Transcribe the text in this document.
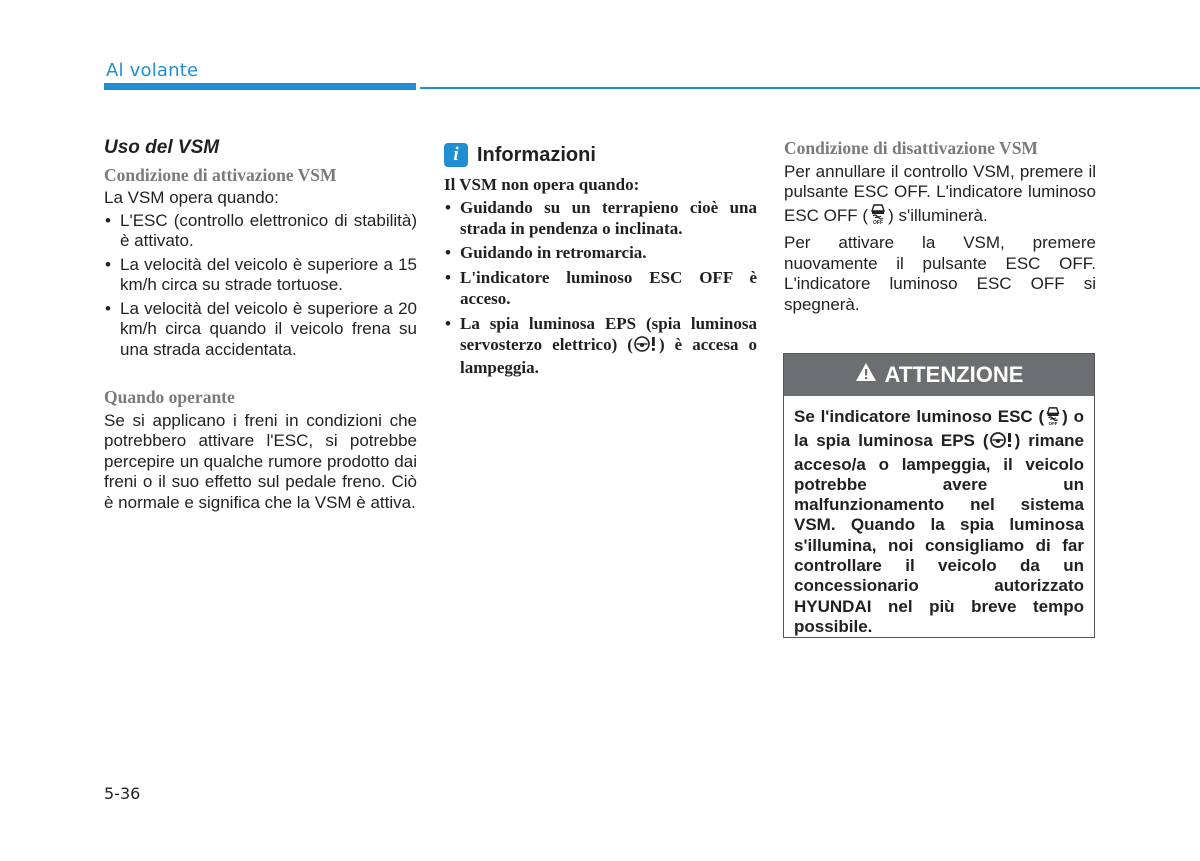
Al volante
Uso del VSM
Condizione di attivazione VSM

La VSM opera quando:

• L'ESC (controllo elettronico di stabilità) è attivato.
• La velocità del veicolo è superiore a 15 km/h circa su strade tortuose.
• La velocità del veicolo è superiore a 20 km/h circa quando il veicolo frena su una strada accidentata.
Quando operante

Se si applicano i freni in condizioni che potrebbero attivare l'ESC, si potrebbe percepire un qualche rumore prodotto dai freni o il suo effetto sul pedale freno. Ciò è normale e significa che la VSM è attiva.

i Informazioni

Il VSM non opera quando:

• Guidando su un terrapieno cioè una strada in pendenza o inclinata.
• Guidando in retromarcia.
• L'indicatore luminoso ESC OFF è acceso.
• La spia luminosa EPS (spia luminosa servosterzo elettrico) ( ) è accesa o lampeggia.
Condizione di disattivazione VSM

Per annullare il controllo VSM, premere il pulsante ESC OFF. L'indicatore luminoso ESC OFF ( OFF ) s'illuminerà.

Per attivare la VSM, premere nuovamente il pulsante ESC OFF. L'indicatore luminoso ESC OFF si spegnerà.

ATTENZIONE
Se l'indicatore luminoso ESC ( OFF ) o la spia luminosa EPS ( ) rimane acceso/a o lampeggia, il veicolo potrebbe avere un malfunzionamento nel sistema VSM. Quando la spia luminosa s'illumina, noi consigliamo di far controllare il veicolo da un concessionario autorizzato HYUNDAI nel più breve tempo possibile.
5-36
